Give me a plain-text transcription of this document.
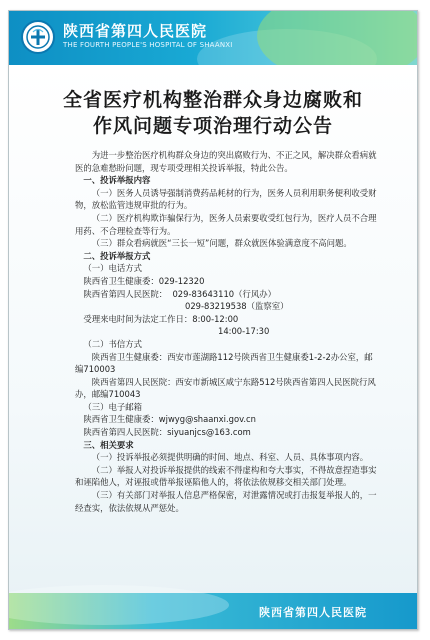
陕西省第四人民医院
THE FOURTH PEOPLE'S HOSPITAL OF SHAANXI
全省医疗机构整治群众身边腐败和
作风问题专项治理行动公告

为进一步整治医疗机构群众身边的突出腐败行为、不正之风，解决群众看病就医的急难愁盼问题，现专项受理相关投诉举报，特此公告。

一、投诉举报内容

（一）医务人员诱导强制消费药品耗材的行为，医务人员利用职务便利收受财物，放松监管违规审批的行为。

（二）医疗机构欺诈骗保行为，医务人员索要收受红包行为，医疗人员不合理用药、不合理检查等行为。

（三）群众看病就医“三长一短”问题，群众就医体验满意度不高问题。

二、投诉举报方式

（一）电话方式

陕西省卫生健康委：029-12320

陕西省第四人民医院：  029-83643110（行风办）

029-83219538（监察室）

受理来电时间为法定工作日：8:00-12:00

14:00-17:30

（二）书信方式

陕西省卫生健康委：西安市莲湖路112号陕西省卫生健康委1-2-2办公室，邮编710003

陕西省第四人民医院：西安市新城区咸宁东路512号陕西省第四人民医院行风办，邮编710043

（三）电子邮箱

陕西省卫生健康委：wjwyg@shaanxi.gov.cn

陕西省第四人民医院：siyuanjcs@163.com

三、相关要求

（一）投诉举报必须提供明确的时间、地点、科室、人员、具体事项内容。

（二）举报人对投诉举报提供的线索不得虚构和夸大事实，不得故意捏造事实和诬陷他人，对诬报或借举报诬陷他人的，将依法依规移交相关部门处理。

（三）有关部门对举报人信息严格保密，对泄露情况或打击报复举报人的，一经查实，依法依规从严惩处。

陕西省第四人民医院
